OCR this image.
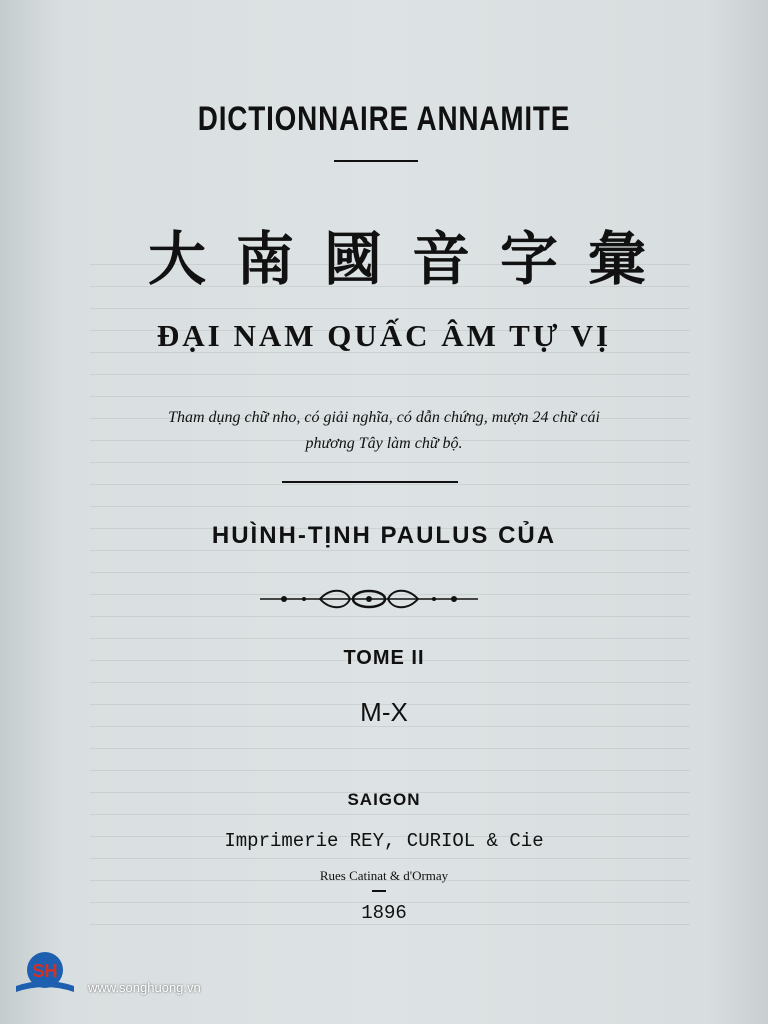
DICTIONNAIRE ANNAMITE
大南國音字彙
ĐẠI NAM QUẤC ÂM TỰ VỊ
Tham dụng chữ nho, có giải nghĩa, có dẫn chứng, mượn 24 chữ cái
phương Tây làm chữ bộ.
HUÌNH-TỊNH PAULUS CỦA
TOME II
M-X
SAIGON
Imprimerie REY, CURIOL & Cie
Rues Catinat & d'Ormay
1896
SH
www.songhuong.vn
